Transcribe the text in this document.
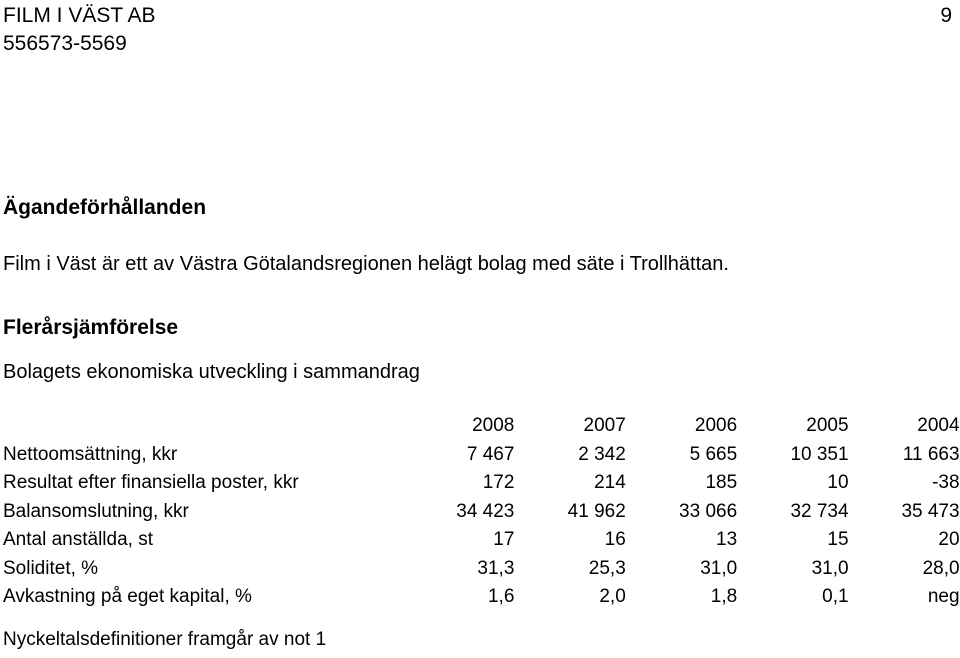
FILM I VÄST AB
556573-5569
9
Ägandeförhållanden
Film i Väst är ett av Västra Götalandsregionen helägt bolag med säte i Trollhättan.
Flerårsjämförelse
Bolagets ekonomiska utveckling i sammandrag
	2008	2007	2006	2005	2004
Nettoomsättning, kkr	7 467	2 342	5 665	10 351	11 663
Resultat efter finansiella poster, kkr	172	214	185	10	-38
Balansomslutning, kkr	34 423	41 962	33 066	32 734	35 473
Antal anställda, st	17	16	13	15	20
Soliditet, %	31,3	25,3	31,0	31,0	28,0
Avkastning på eget kapital, %	1,6	2,0	1,8	0,1	neg
Nyckeltalsdefinitioner framgår av not 1
